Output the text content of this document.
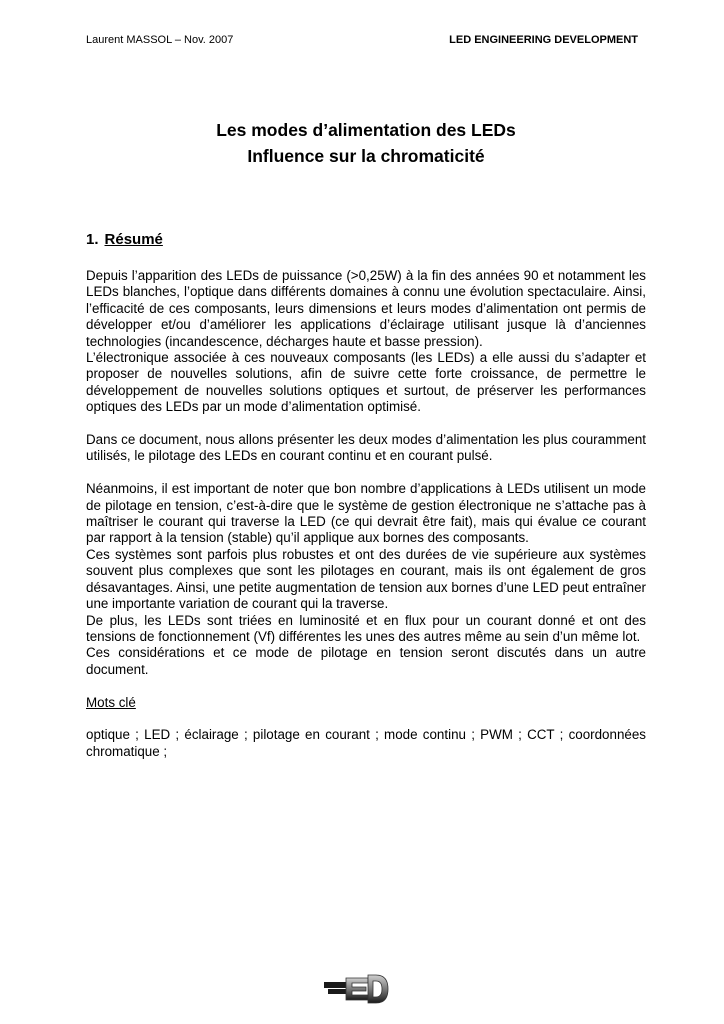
Laurent MASSOL – Nov. 2007	LED ENGINEERING DEVELOPMENT
Les modes d’alimentation des LEDs
Influence sur la chromaticité
1. Résumé

Depuis l’apparition des LEDs de puissance (>0,25W) à la fin des années 90 et notamment les LEDs blanches, l’optique dans différents domaines à connu une évolution spectaculaire. Ainsi, l’efficacité de ces composants, leurs dimensions et leurs modes d’alimentation ont permis de développer et/ou d’améliorer les applications d’éclairage utilisant jusque là d’anciennes technologies (incandescence, décharges haute et basse pression).

L’électronique associée à ces nouveaux composants (les LEDs) a elle aussi du s’adapter et proposer de nouvelles solutions, afin de suivre cette forte croissance, de permettre le développement de nouvelles solutions optiques et surtout, de préserver les performances optiques des LEDs par un mode d’alimentation optimisé.

Dans ce document, nous allons présenter les deux modes d’alimentation les plus couramment utilisés, le pilotage des LEDs en courant continu et en courant pulsé.

Néanmoins, il est important de noter que bon nombre d’applications à LEDs utilisent un mode de pilotage en tension, c’est-à-dire que le système de gestion électronique ne s’attache pas à maîtriser le courant qui traverse la LED (ce qui devrait être fait), mais qui évalue ce courant par rapport à la tension (stable) qu’il applique aux bornes des composants.

Ces systèmes sont parfois plus robustes et ont des durées de vie supérieure aux systèmes souvent plus complexes que sont les pilotages en courant, mais ils ont également de gros désavantages. Ainsi, une petite augmentation de tension aux bornes d’une LED peut entraîner une importante variation de courant qui la traverse.

De plus, les LEDs sont triées en luminosité et en flux pour un courant donné et ont des tensions de fonctionnement (Vf) différentes les unes des autres même au sein d’un même lot.

Ces considérations et ce mode de pilotage en tension seront discutés dans un autre document.

Mots clé

optique ; LED ; éclairage ; pilotage en courant ; mode continu ; PWM ; CCT ; coordonnées chromatique ;
